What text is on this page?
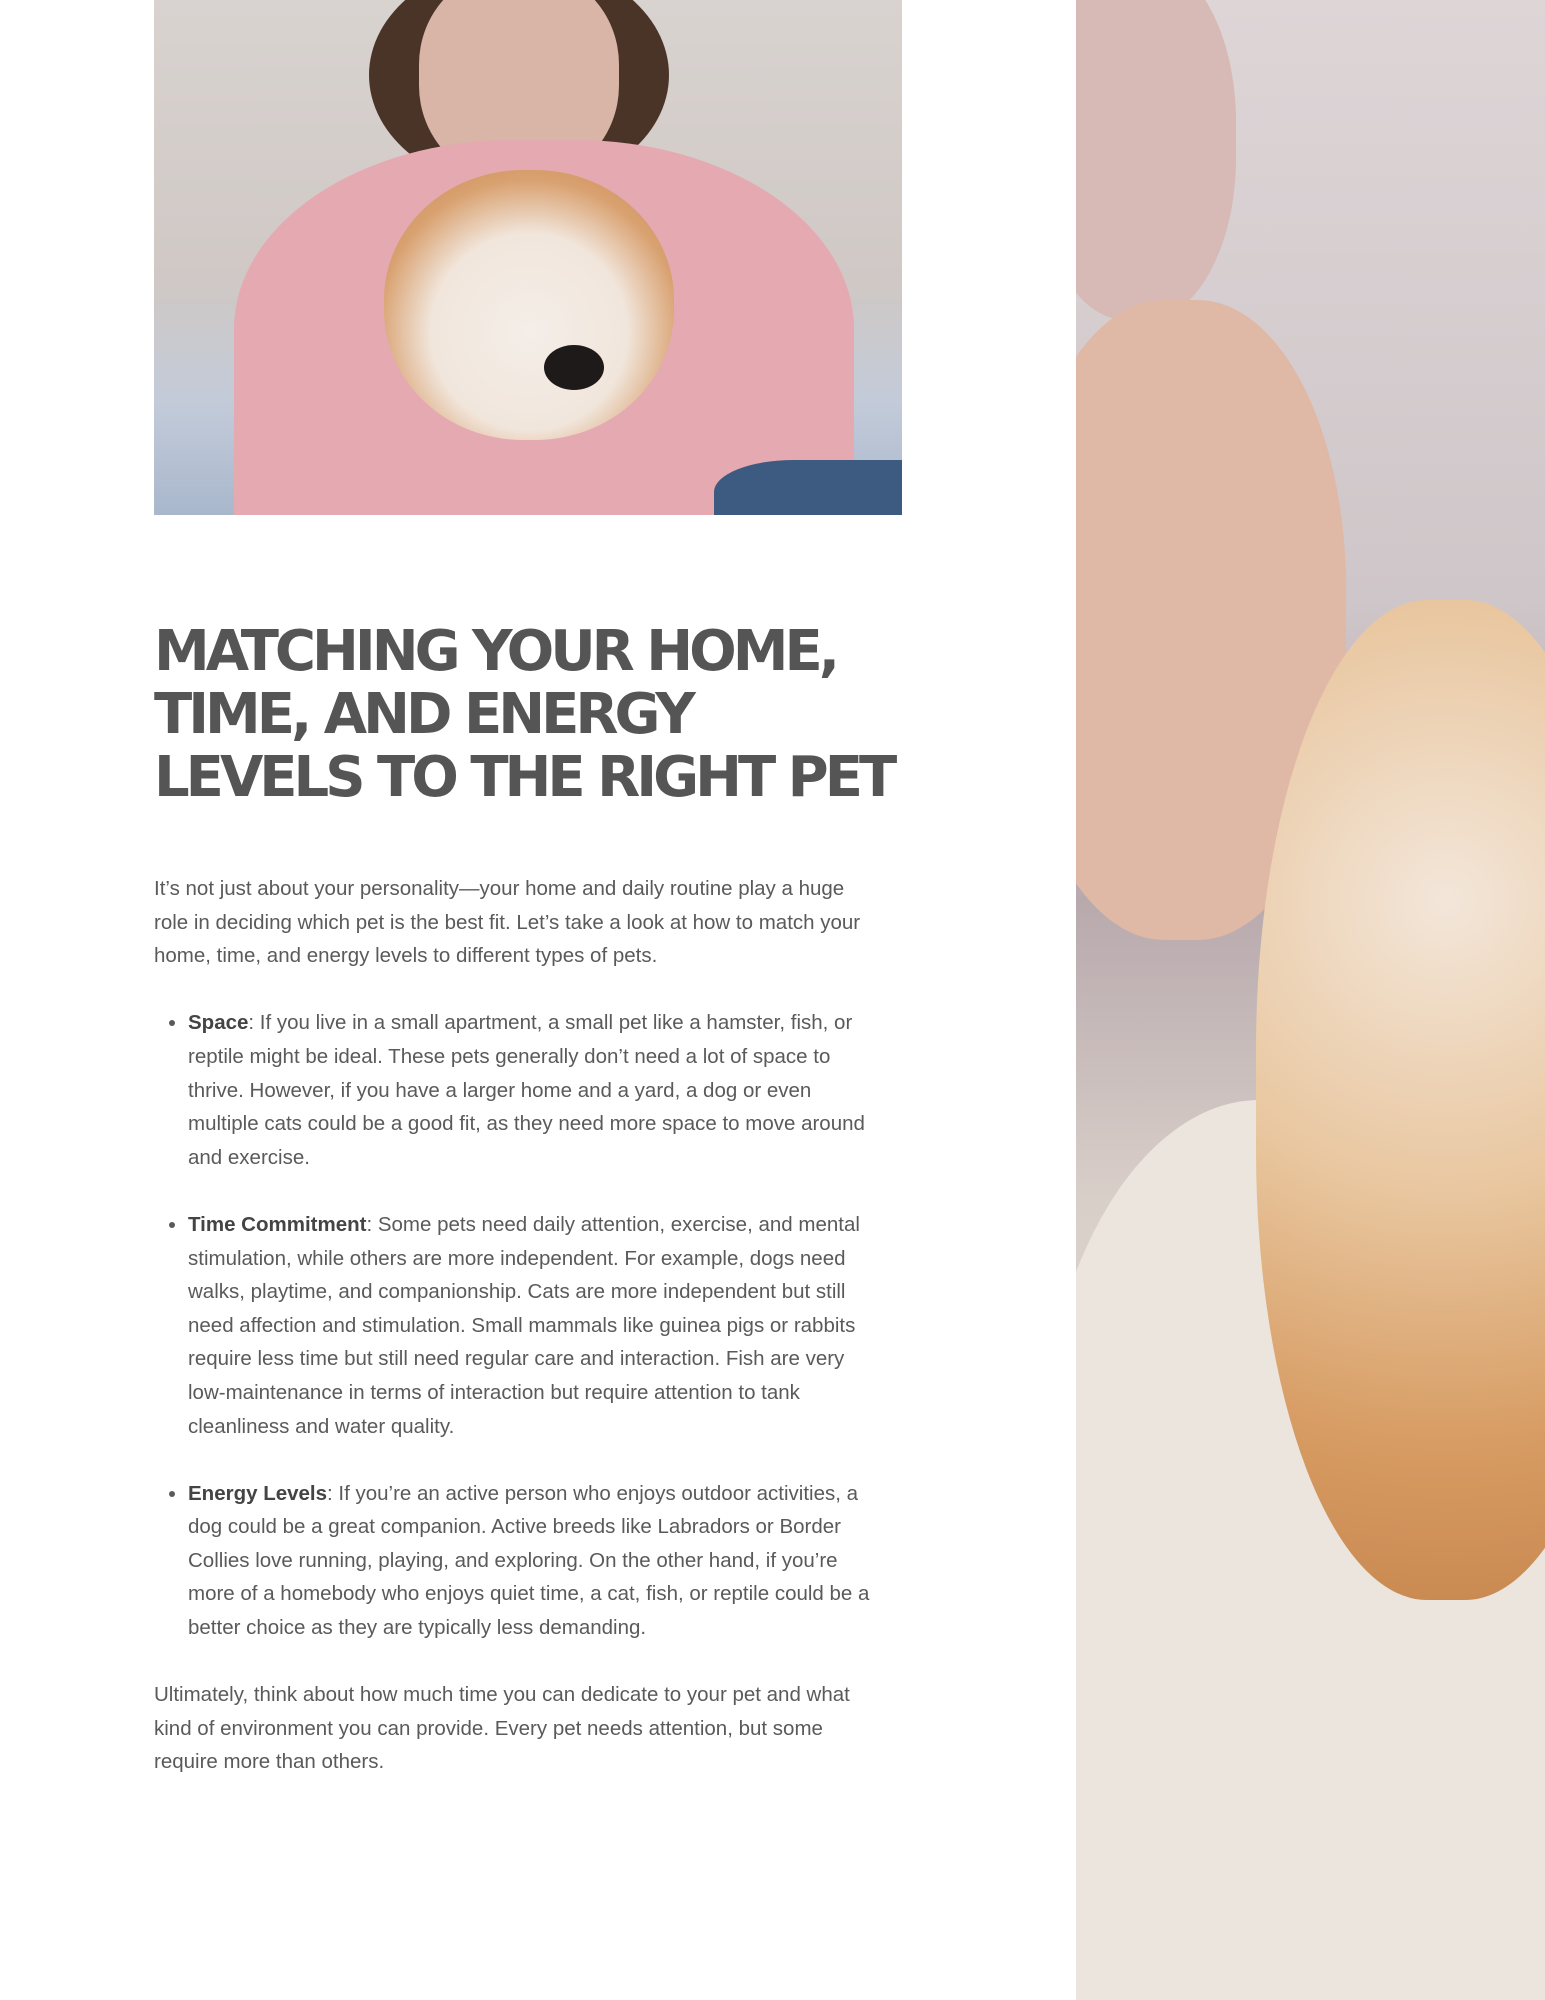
MATCHING YOUR HOME, TIME, AND ENERGY LEVELS TO THE RIGHT PET

It’s not just about your personality—your home and daily routine play a huge role in deciding which pet is the best fit. Let’s take a look at how to match your home, time, and energy levels to different types of pets.

• Space: If you live in a small apartment, a small pet like a hamster, fish, or reptile might be ideal. These pets generally don’t need a lot of space to thrive. However, if you have a larger home and a yard, a dog or even multiple cats could be a good fit, as they need more space to move around and exercise.
• Time Commitment: Some pets need daily attention, exercise, and mental stimulation, while others are more independent. For example, dogs need walks, playtime, and companionship. Cats are more independent but still need affection and stimulation. Small mammals like guinea pigs or rabbits require less time but still need regular care and interaction. Fish are very low-maintenance in terms of interaction but require attention to tank cleanliness and water quality.
• Energy Levels: If you’re an active person who enjoys outdoor activities, a dog could be a great companion. Active breeds like Labradors or Border Collies love running, playing, and exploring. On the other hand, if you’re more of a homebody who enjoys quiet time, a cat, fish, or reptile could be a better choice as they are typically less demanding.

Ultimately, think about how much time you can dedicate to your pet and what kind of environment you can provide. Every pet needs attention, but some require more than others.
